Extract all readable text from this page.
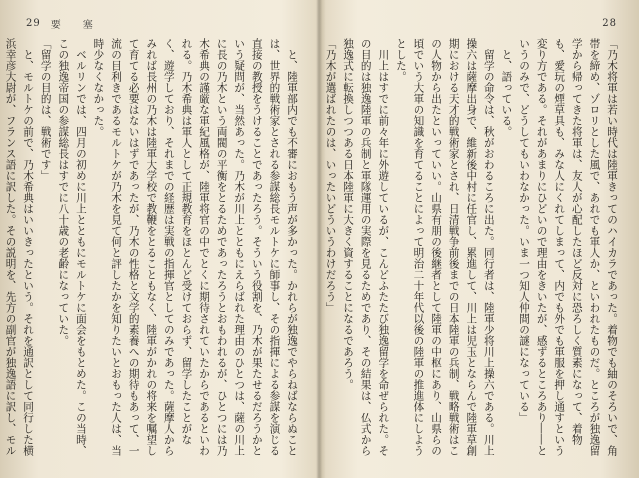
29 要　塞

と、陸軍部内でも不審におもう声が多かった。かれらが独逸でやらねばならぬことは、世界的戦術家とされる参謀総長モルトケに師事し、その指揮による参謀を演じる直接の教授をうけることであったろう。そういう役割を、乃木が果たせるだろうかという疑問が、当然あった。乃木が川上とともにえらばれた理由のひとつは、薩の川上に長の乃木という両閥の平衡をとるためであったろうとおもわれるが、ひとつには乃木希典の謹厳な軍紀風格が、陸軍将官の中でとくに期待されていたからであるといわれる。乃木希典は軍人として正規教育をほとんど受けておらず、留学したことがなく、遊学しており、それまでの経歴は実戦の指揮官としてのみであった。薩摩人からみれば長州の乃木は陸軍大学校で教鞭をとることもなく、陸軍がかれの将来を嘱望して育てる必要はないはずであったが、乃木の性格と文学的素養への期待もあって、一流の目利きであるモルトケが乃木を見て何と評したかを知りたいとおもった人は、当時少なくなかった。

ベルリンでは、四月の初めに川上とともにモルトケに面会をもとめた。この当時、この独逸帝国の参謀総長はすでに八十歳の老齢になっていた。

「留学の目的は、戦術です」

と、モルトケの前で、乃木希典はいいきったという。それを通訳として同行した横浜幸彦大尉が、フランス語に訳した。その説明を、先方の副官が独逸語に訳し、モル

28

「乃木将軍は若い時代は陸軍きってのハイカラであった。着物でも紬のそろいで、角帯を締め、ゾロリとした風で、あれでも軍人か、といわれたものだ。ところが独逸留学から帰ってきた将軍は、友人が心配したほど反対に恐ろしく質素になって、着物も、愛玩の煙草具も、みな人にくれてしまって、内でも外でも軍服を押し通すという変り方である。それがあまりにひどいので理由をきいたが、感ずるところあり――というのみで、どうしてもいわなかった。いま一つ知人仲間の謎になっている」

と、語っている。

留学の命令は、秋がおわるころに出た。同行者は、陸軍少将川上操六である。川上操六は薩摩出身で、維新後中村に任官し、累進して、川上は児玉とならんで陸軍草創期における天才的戦術家とされ、日清戦争前後までの日本陸軍の兵制、戦略戦術はこの人物から出たといっていい。山県有朋の後継者として陸軍の中枢にあり、山県らの頃でいう大軍の知識を育てることによって明治二十年代以後の陸軍の推進体にしようとした。

川上はすでに前々年に外遊しているが、こんどふたたび独逸留学を命ぜられた。その目的は独逸陸軍の兵制と軍隊運用の実際を見るためであり、その結果は、仏式から独逸式に転換しつつある日本陸軍に大きく資することになるであろう。

「乃木が選ばれたのは、いったいどういうわけだろう」
